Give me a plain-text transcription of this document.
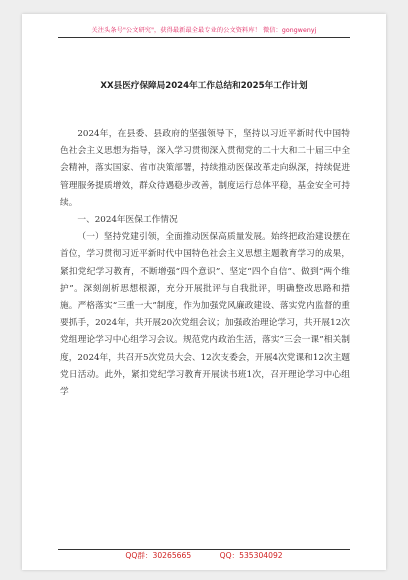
关注头条号"公文研究"，获得最新最全最专业的公文资料库！ 微信：gongwenyj
XX县医疗保障局2024年工作总结和2025年工作计划

2024年，在县委、县政府的坚强领导下，坚持以习近平新时代中国特色社会主义思想为指导，深入学习贯彻深入贯彻党的二十大和二十届三中全会精神，落实国家、省市决策部署，持续推动医保改革走向纵深，持续促进管理服务提质增效，群众待遇稳步改善，制度运行总体平稳，基金安全可持续。

一、2024年医保工作情况

（一）坚持党建引领，全面推动医保高质量发展。始终把政治建设摆在首位，学习贯彻习近平新时代中国特色社会主义思想主题教育学习的成果，紧扣党纪学习教育，不断增强“四个意识”、坚定“四个自信”、做到“两个维护”。深刻剖析思想根源，充分开展批评与自我批评，明确整改思路和措施。严格落实“三重一大”制度，作为加强党风廉政建设、落实党内监督的重要抓手，2024年，共开展20次党组会议；加强政治理论学习，共开展12次党组理论学习中心组学习会议。规范党内政治生活，落实“三会一课”相关制度，2024年，共召开5次党员大会、12次支委会，开展4次党课和12次主题党日活动。此外，紧扣党纪学习教育开展读书班1次，召开理论学习中心组学

QQ群：30265665	QQ：535304092
